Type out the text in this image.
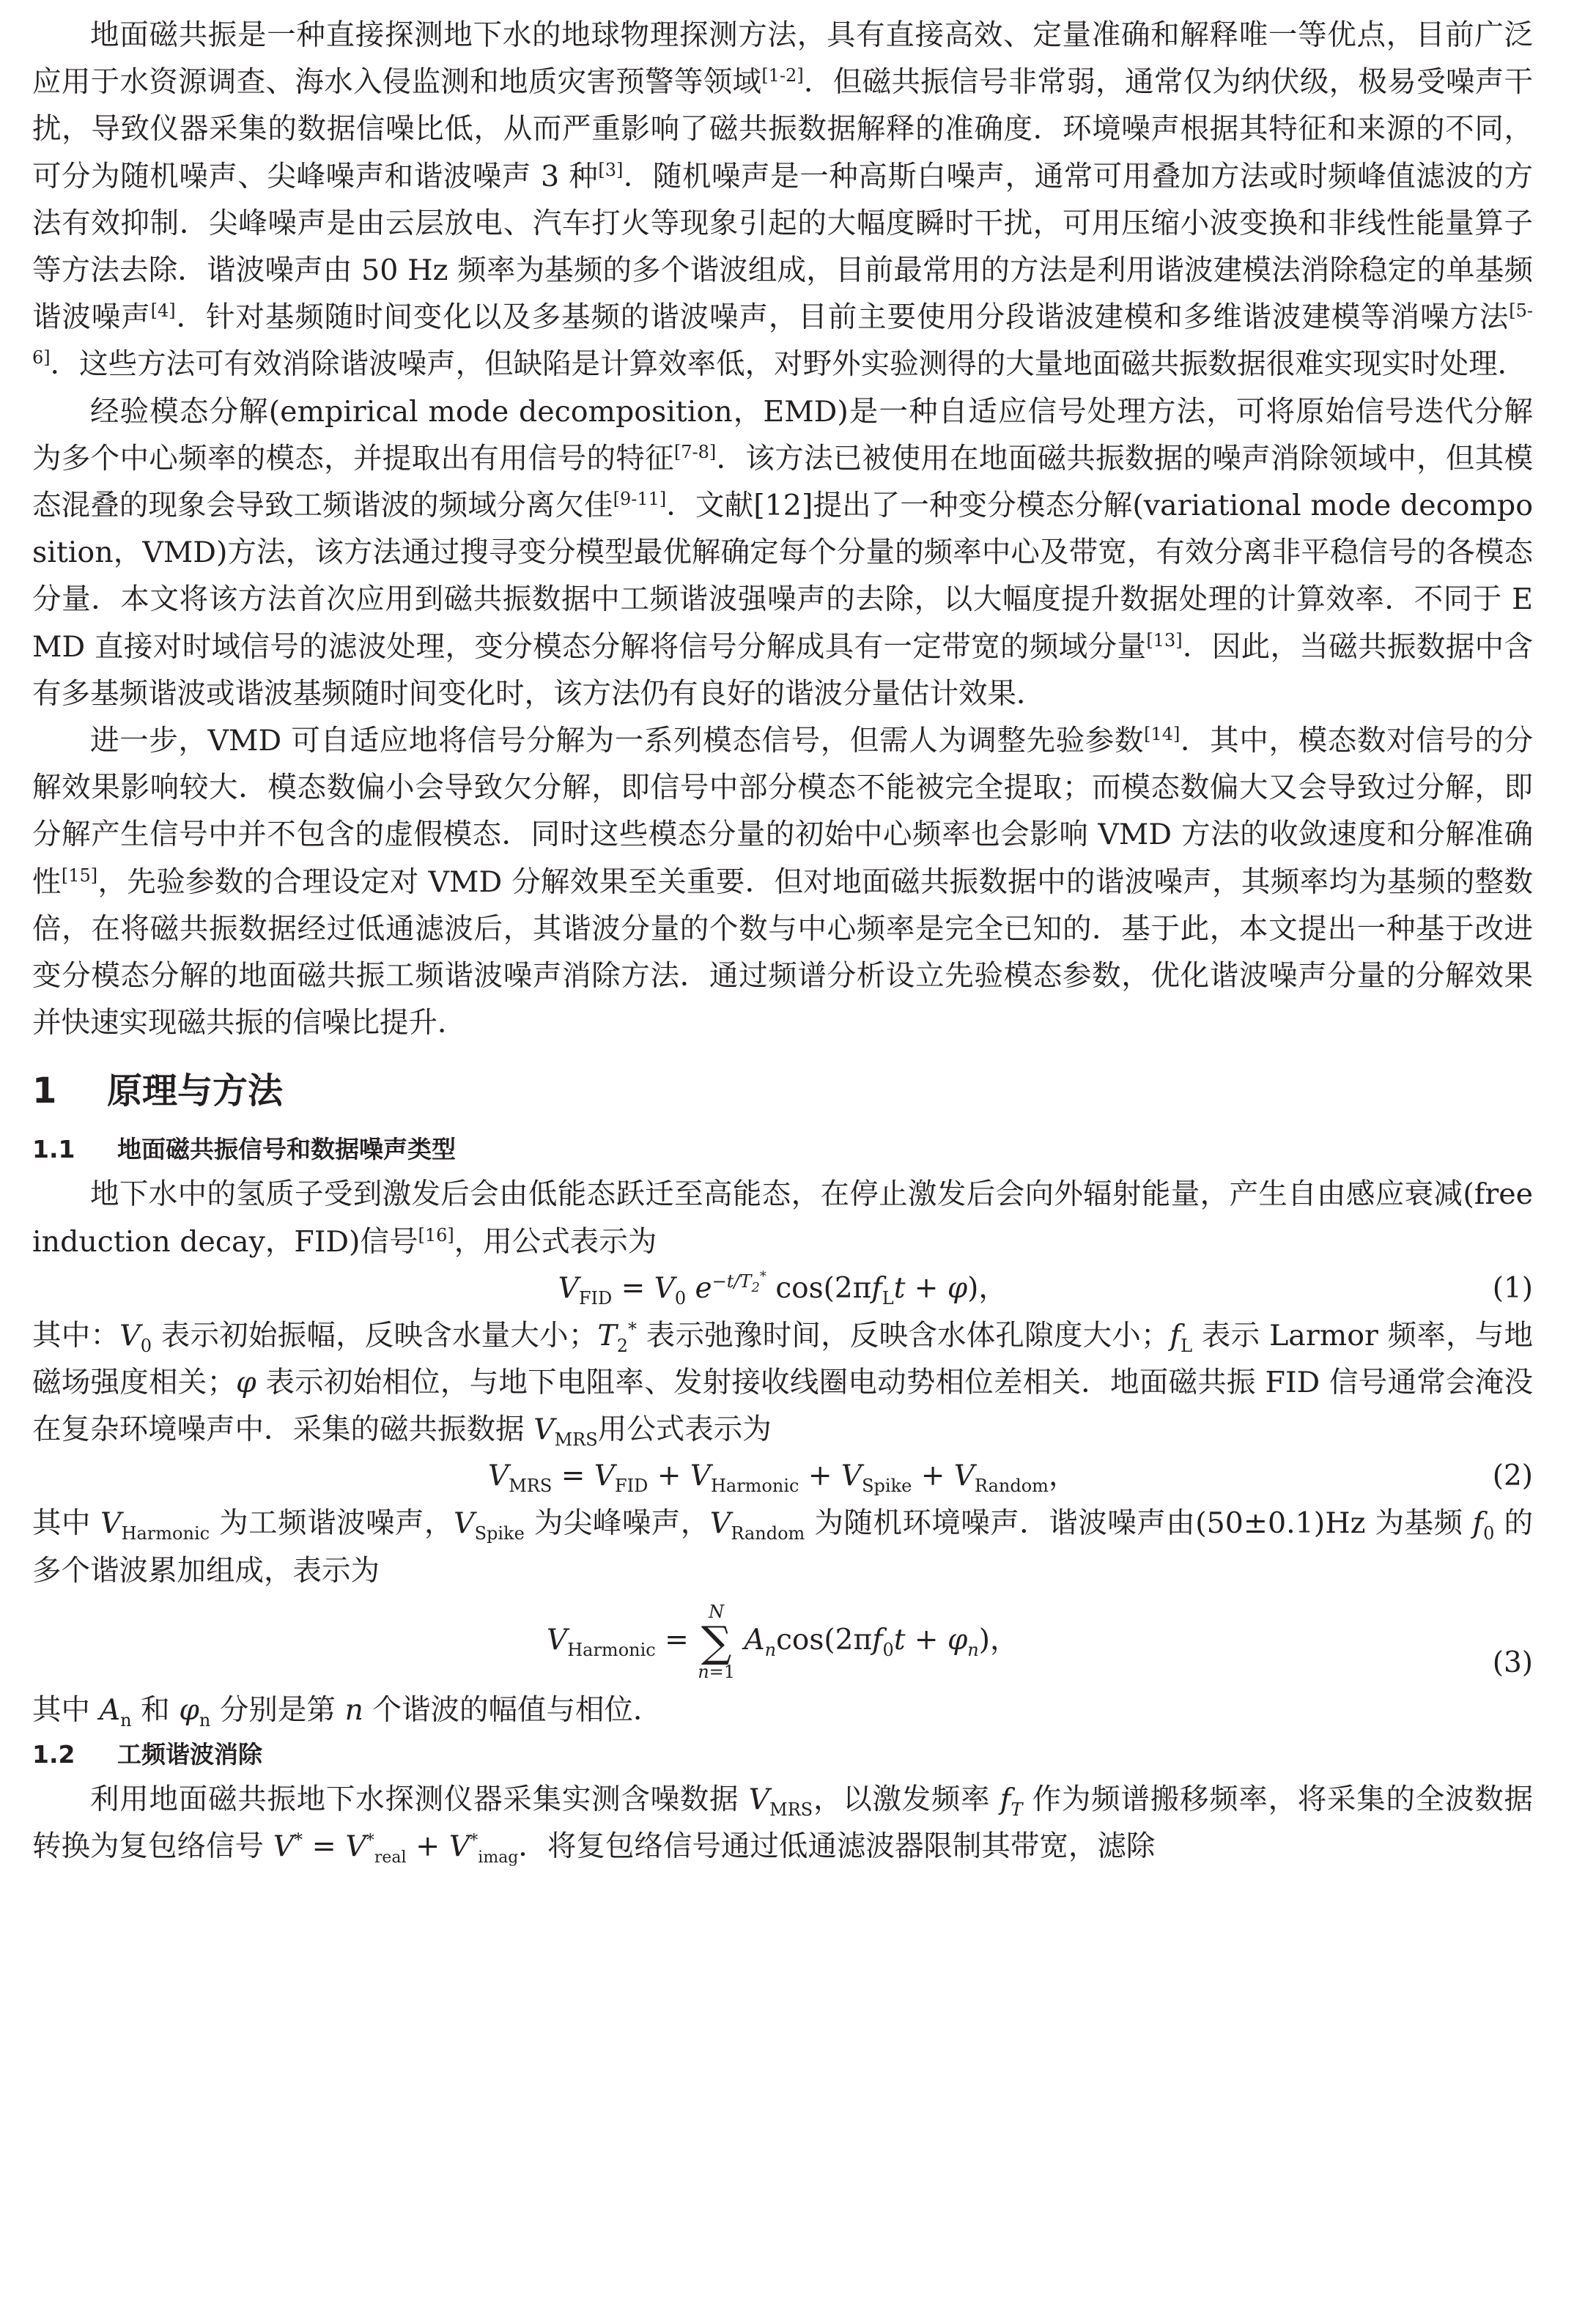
地面磁共振是一种直接探测地下水的地球物理探测方法，具有直接高效、定量准确和解释唯一等优点，目前广泛应用于水资源调查、海水入侵监测和地质灾害预警等领域[1-2]．但磁共振信号非常弱，通常仅为纳伏级，极易受噪声干扰，导致仪器采集的数据信噪比低，从而严重影响了磁共振数据解释的准确度．环境噪声根据其特征和来源的不同，可分为随机噪声、尖峰噪声和谐波噪声 3 种[3]．随机噪声是一种高斯白噪声，通常可用叠加方法或时频峰值滤波的方法有效抑制．尖峰噪声是由云层放电、汽车打火等现象引起的大幅度瞬时干扰，可用压缩小波变换和非线性能量算子等方法去除．谐波噪声由 50 Hz 频率为基频的多个谐波组成，目前最常用的方法是利用谐波建模法消除稳定的单基频谐波噪声[4]．针对基频随时间变化以及多基频的谐波噪声，目前主要使用分段谐波建模和多维谐波建模等消噪方法[5-6]．这些方法可有效消除谐波噪声，但缺陷是计算效率低，对野外实验测得的大量地面磁共振数据很难实现实时处理．

经验模态分解(empirical mode decomposition，EMD)是一种自适应信号处理方法，可将原始信号迭代分解为多个中心频率的模态，并提取出有用信号的特征[7-8]．该方法已被使用在地面磁共振数据的噪声消除领域中，但其模态混叠的现象会导致工频谐波的频域分离欠佳[9-11]．文献[12]提出了一种变分模态分解(variational mode decomposition，VMD)方法，该方法通过搜寻变分模型最优解确定每个分量的频率中心及带宽，有效分离非平稳信号的各模态分量．本文将该方法首次应用到磁共振数据中工频谐波强噪声的去除，以大幅度提升数据处理的计算效率．不同于 EMD 直接对时域信号的滤波处理，变分模态分解将信号分解成具有一定带宽的频域分量[13]．因此，当磁共振数据中含有多基频谐波或谐波基频随时间变化时，该方法仍有良好的谐波分量估计效果．

进一步，VMD 可自适应地将信号分解为一系列模态信号，但需人为调整先验参数[14]．其中，模态数对信号的分解效果影响较大．模态数偏小会导致欠分解，即信号中部分模态不能被完全提取；而模态数偏大又会导致过分解，即分解产生信号中并不包含的虚假模态．同时这些模态分量的初始中心频率也会影响 VMD 方法的收敛速度和分解准确性[15]，先验参数的合理设定对 VMD 分解效果至关重要．但对地面磁共振数据中的谐波噪声，其频率均为基频的整数倍，在将磁共振数据经过低通滤波后，其谐波分量的个数与中心频率是完全已知的．基于此，本文提出一种基于改进变分模态分解的地面磁共振工频谐波噪声消除方法．通过频谱分析设立先验模态参数，优化谐波噪声分量的分解效果并快速实现磁共振的信噪比提升．

1 原理与方法
1.1 地面磁共振信号和数据噪声类型

地下水中的氢质子受到激发后会由低能态跃迁至高能态，在停止激发后会向外辐射能量，产生自由感应衰减(free induction decay，FID)信号[16]，用公式表示为

$V_{FID} = V_0$ $e^{-t/T_2^*}$ $\cos(2\pi f_Lt + \varphi)$，	(1)

其中：$V_0$ 表示初始振幅，反映含水量大小；$T_2^*$ 表示弛豫时间，反映含水体孔隙度大小；$f_L$ 表示 Larmor 频率，与地磁场强度相关；φ 表示初始相位，与地下电阻率、发射接收线圈电动势相位差相关．地面磁共振 FID 信号通常会淹没在复杂环境噪声中．采集的磁共振数据 $V_{MRS}$用公式表示为

$V_{MRS} = V_{FID} + V_{Harmonic} + V_{Spike} + V_{Random}$，	(2)

其中 $V_{Harmonic}$ 为工频谐波噪声，$V_{Spike}$ 为尖峰噪声，$V_{Random}$ 为随机环境噪声．谐波噪声由(50±0.1)Hz 为基频 $f_0$ 的多个谐波累加组成，表示为

$V_{Harmonic}$ =
N
∑
n=1
$A_n\cos(2\pi f_0t + \varphi_n)$，
(3)

其中 $A_n$ 和 $\varphi_n$ 分别是第 n 个谐波的幅值与相位．

1.2 工频谐波消除

利用地面磁共振地下水探测仪器采集实测含噪数据 $V_{MRS}$，以激发频率 $f_T$ 作为频谱搬移频率，将采集的全波数据转换为复包络信号 $V^* = V^*_{real} + V^*_{imag}$．将复包络信号通过低通滤波器限制其带宽，滤除
